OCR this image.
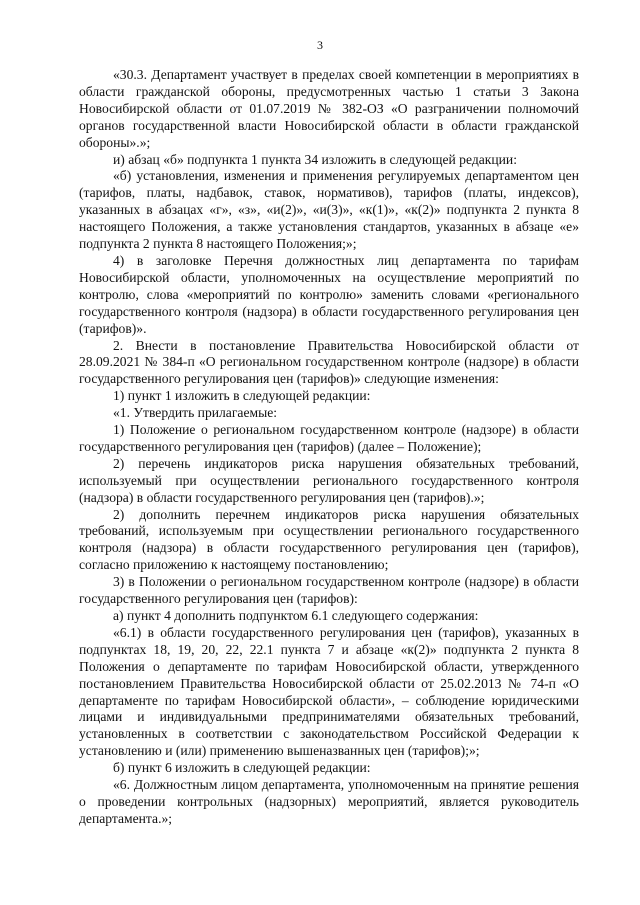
3

«30.3. Департамент участвует в пределах своей компетенции в мероприятиях в области гражданской обороны, предусмотренных частью 1 статьи 3 Закона Новосибирской области от 01.07.2019 № 382-ОЗ «О разграничении полномочий органов государственной власти Новосибирской области в области гражданской обороны».»;

и) абзац «б» подпункта 1 пункта 34 изложить в следующей редакции:

«б) установления, изменения и применения регулируемых департаментом цен (тарифов, платы, надбавок, ставок, нормативов), тарифов (платы, индексов), указанных в абзацах «г», «з», «и(2)», «и(3)», «к(1)», «к(2)» подпункта 2 пункта 8 настоящего Положения, а также установления стандартов, указанных в абзаце «е» подпункта 2 пункта 8 настоящего Положения;»;

4) в заголовке Перечня должностных лиц департамента по тарифам Новосибирской области, уполномоченных на осуществление мероприятий по контролю, слова «мероприятий по контролю» заменить словами «регионального государственного контроля (надзора) в области государственного регулирования цен (тарифов)».

2. Внести в постановление Правительства Новосибирской области от 28.09.2021 № 384-п «О региональном государственном контроле (надзоре) в области государственного регулирования цен (тарифов)» следующие изменения:

1) пункт 1 изложить в следующей редакции:

«1. Утвердить прилагаемые:

1) Положение о региональном государственном контроле (надзоре) в области государственного регулирования цен (тарифов) (далее – Положение);

2) перечень индикаторов риска нарушения обязательных требований, используемый при осуществлении регионального государственного контроля (надзора) в области государственного регулирования цен (тарифов).»;

2) дополнить перечнем индикаторов риска нарушения обязательных требований, используемым при осуществлении регионального государственного контроля (надзора) в области государственного регулирования цен (тарифов), согласно приложению к настоящему постановлению;

3) в Положении о региональном государственном контроле (надзоре) в области государственного регулирования цен (тарифов):

а) пункт 4 дополнить подпунктом 6.1 следующего содержания:

«6.1) в области государственного регулирования цен (тарифов), указанных в подпунктах 18, 19, 20, 22, 22.1 пункта 7 и абзаце «к(2)» подпункта 2 пункта 8 Положения о департаменте по тарифам Новосибирской области, утвержденного постановлением Правительства Новосибирской области от 25.02.2013 № 74-п «О департаменте по тарифам Новосибирской области», – соблюдение юридическими лицами и индивидуальными предпринимателями обязательных требований, установленных в соответствии с законодательством Российской Федерации к установлению и (или) применению вышеназванных цен (тарифов);»;

б) пункт 6 изложить в следующей редакции:

«6. Должностным лицом департамента, уполномоченным на принятие решения о проведении контрольных (надзорных) мероприятий, является руководитель департамента.»;
